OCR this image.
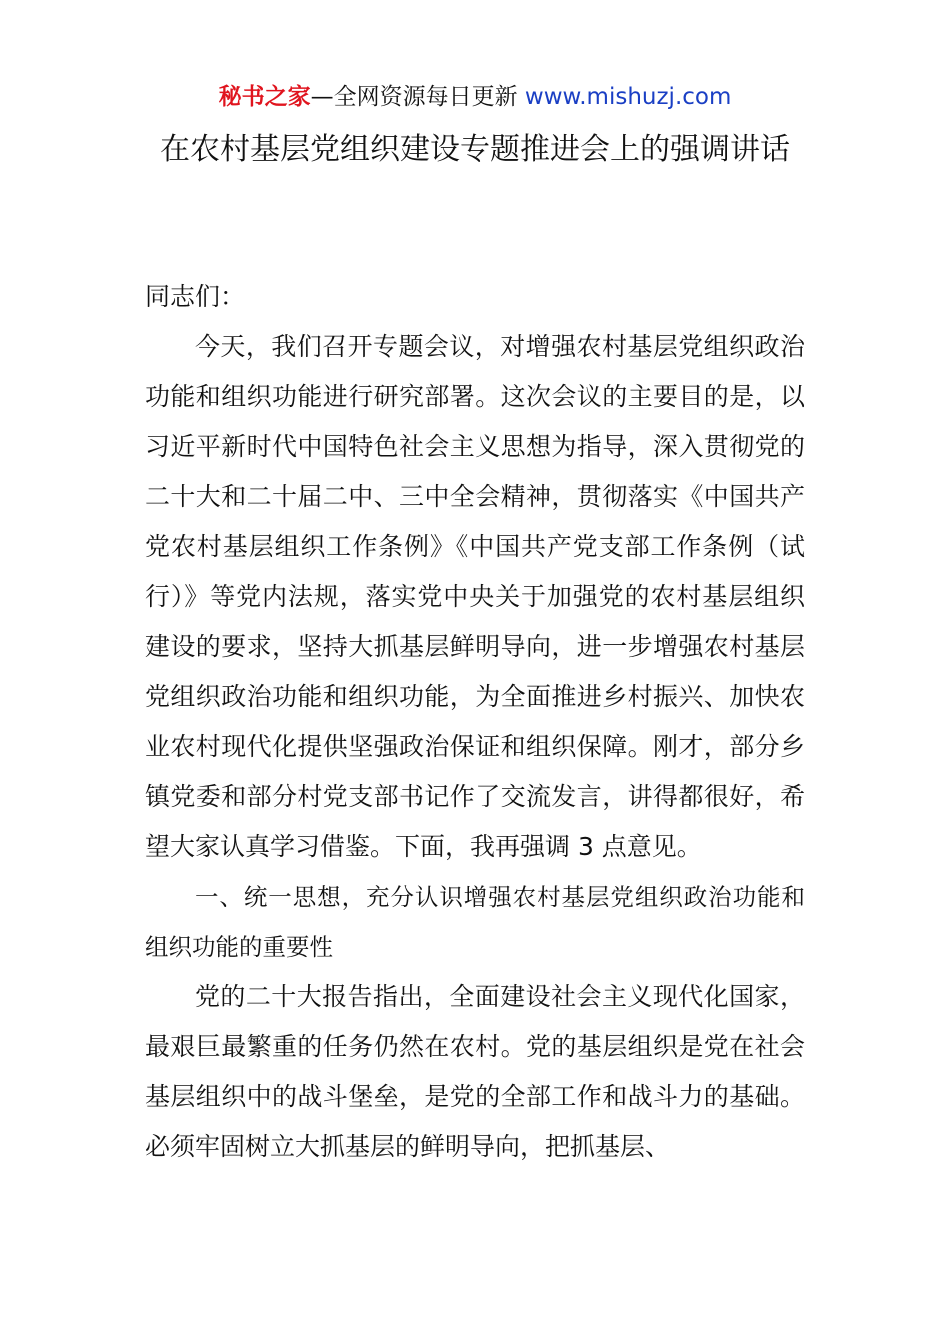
秘书之家—全网资源每日更新 www.mishuzj.com
在农村基层党组织建设专题推进会上的强调讲话

同志们：

今天，我们召开专题会议，对增强农村基层党组织政治功能和组织功能进行研究部署。这次会议的主要目的是，以习近平新时代中国特色社会主义思想为指导，深入贯彻党的二十大和二十届二中、三中全会精神，贯彻落实《中国共产党农村基层组织工作条例》《中国共产党支部工作条例（试行）》等党内法规，落实党中央关于加强党的农村基层组织建设的要求，坚持大抓基层鲜明导向，进一步增强农村基层党组织政治功能和组织功能，为全面推进乡村振兴、加快农业农村现代化提供坚强政治保证和组织保障。刚才，部分乡镇党委和部分村党支部书记作了交流发言，讲得都很好，希望大家认真学习借鉴。下面，我再强调 3 点意见。

一、统一思想，充分认识增强农村基层党组织政治功能和组织功能的重要性

党的二十大报告指出，全面建设社会主义现代化国家，最艰巨最繁重的任务仍然在农村。党的基层组织是党在社会基层组织中的战斗堡垒，是党的全部工作和战斗力的基础。必须牢固树立大抓基层的鲜明导向，把抓基层、
